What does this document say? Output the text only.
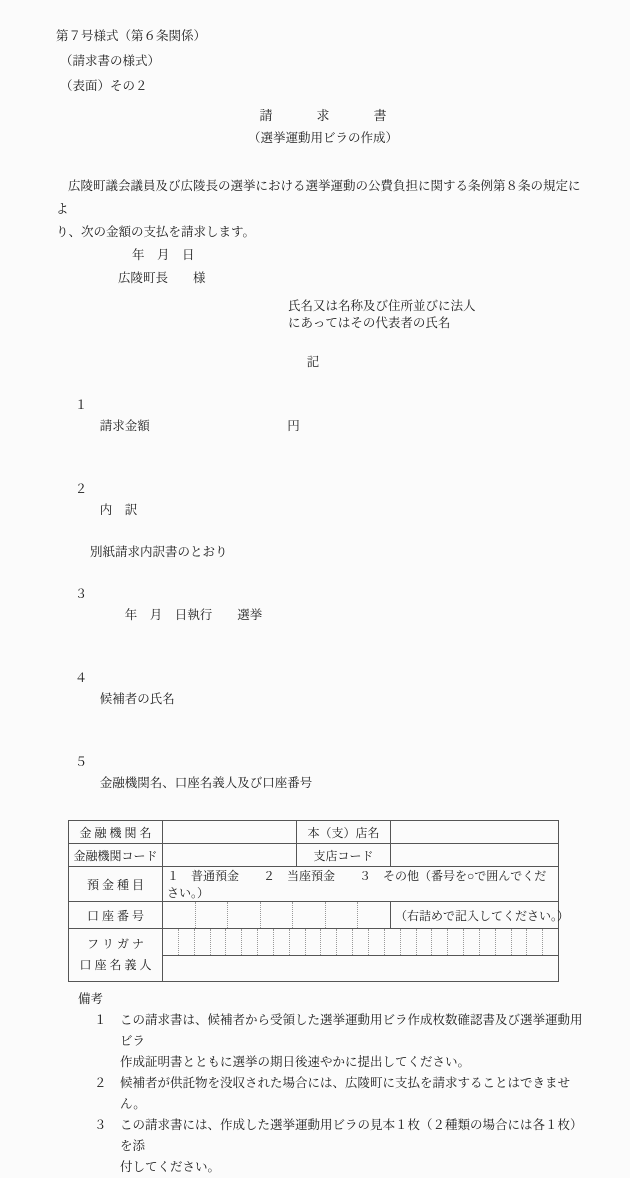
第７号様式（第６条関係）
（請求書の様式）
（表面）その２
請求書
（選挙運動用ビラの作成）
広陵町議会議員及び広陵長の選挙における選挙運動の公費負担に関する条例第８条の規定によ
り、次の金額の支払を請求します。
年　月　日
広陵町長　　様
氏名又は名称及び住所並びに法人
にあってはその代表者の氏名
記

１
　　請求金額	円

２
　　内　訳

別紙請求内訳書のとおり

３
　　　　年　月　日執行　　選挙

４
　　候補者の氏名

５
　　金融機関名、口座名義人及び口座番号

金 融 機 関 名		本（支）店名	
金融機関コード		支店コード	
預 金 種 目	１　普通預金　　２　当座預金　　３　その他（番号を○で囲んでください。）		
口 座 番 号			（右詰めで記入してください。）

フ リ ガ ナ
口 座 名 義 人			

備考
１	この請求書は、候補者から受領した選挙運動用ビラ作成枚数確認書及び選挙運動用ビラ
作成証明書とともに選挙の期日後速やかに提出してください。
２	候補者が供託物を没収された場合には、広陵町に支払を請求することはできません。
３	この請求書には、作成した選挙運動用ビラの見本１枚（２種類の場合には各１枚）を添
付してください。
